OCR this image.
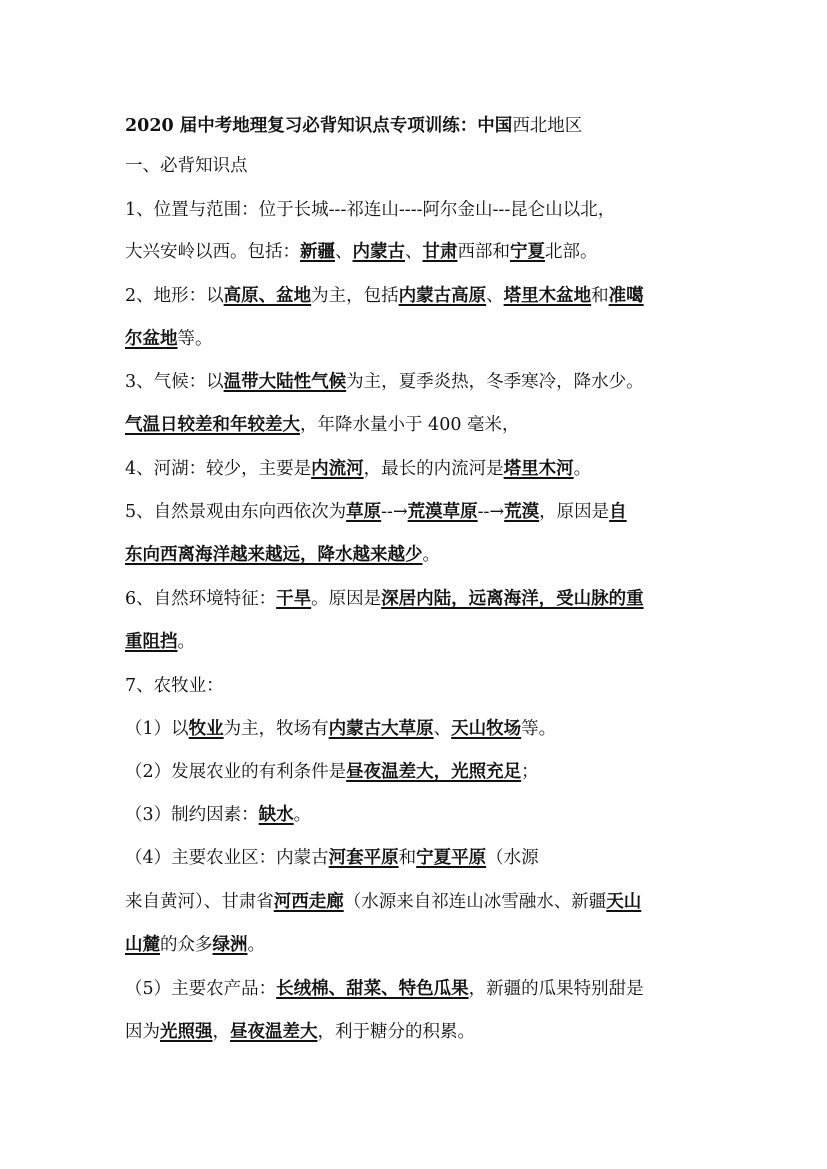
2020 届中考地理复习必背知识点专项训练：中国西北地区
一、必背知识点
1、位置与范围：位于长城---祁连山----阿尔金山---昆仑山以北，
大兴安岭以西。包括：新疆、内蒙古、甘肃西部和宁夏北部。
2、地形：以高原、盆地为主，包括内蒙古高原、塔里木盆地和准噶
尔盆地等。
3、气候：以温带大陆性气候为主，夏季炎热，冬季寒冷，降水少。
气温日较差和年较差大，年降水量小于 400 毫米，
4、河湖：较少，主要是内流河，最长的内流河是塔里木河。
5、自然景观由东向西依次为草原--→荒漠草原--→荒漠，原因是自
东向西离海洋越来越远，降水越来越少。
6、自然环境特征：干旱。原因是深居内陆，远离海洋，受山脉的重
重阻挡。
7、农牧业：
（1）以牧业为主，牧场有内蒙古大草原、天山牧场等。
（2）发展农业的有利条件是昼夜温差大，光照充足；
（3）制约因素：缺水。
（4）主要农业区：内蒙古河套平原和宁夏平原（水源
来自黄河）、甘肃省河西走廊（水源来自祁连山冰雪融水、新疆天山
山麓的众多绿洲。
（5）主要农产品：长绒棉、甜菜、特色瓜果，新疆的瓜果特别甜是
因为光照强，昼夜温差大，利于糖分的积累。
